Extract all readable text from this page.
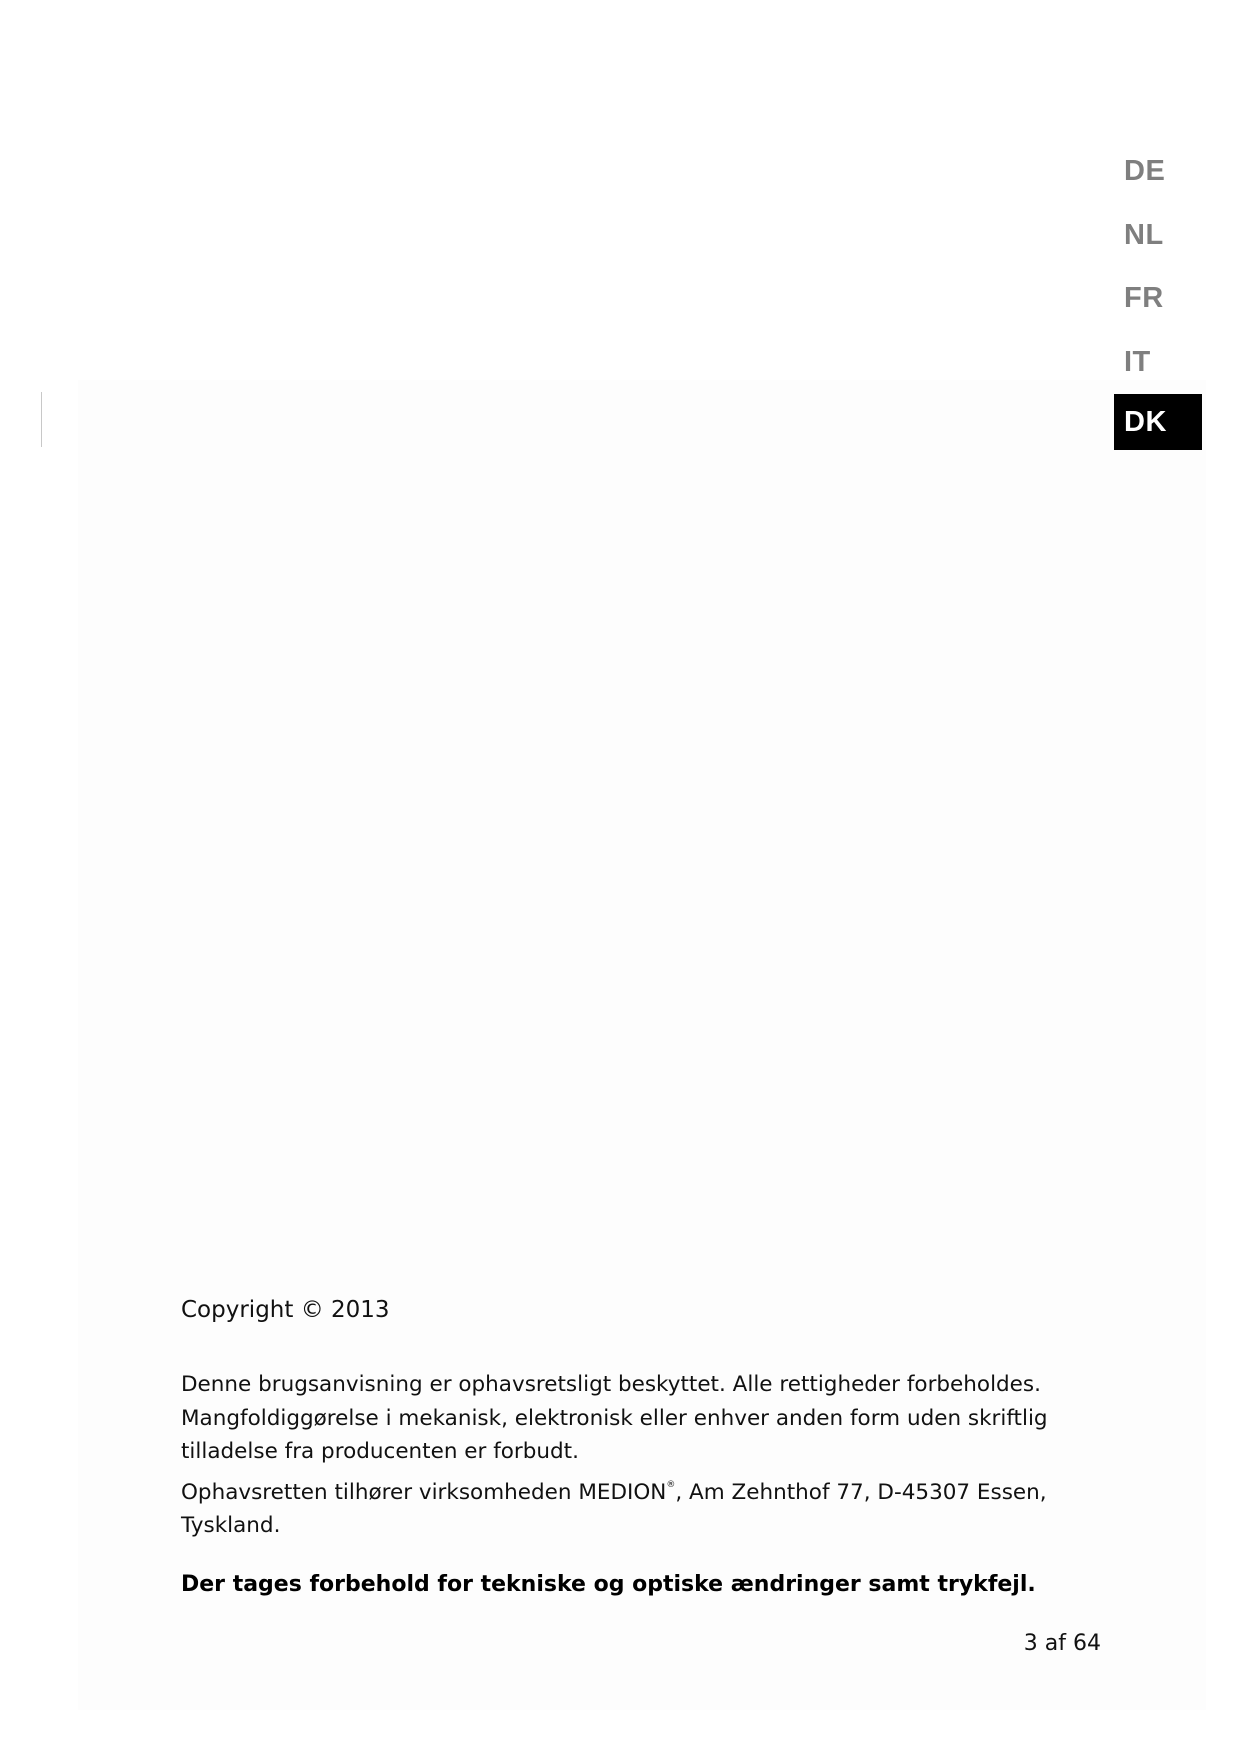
DE
NL
FR
IT
DK
Copyright © 2013

Denne brugsanvisning er ophavsretsligt beskyttet. Alle rettigheder forbeholdes. Mangfoldiggørelse i mekanisk, elektronisk eller enhver anden form uden skriftlig tilladelse fra producenten er forbudt.

Ophavsretten tilhører virksomheden MEDION®, Am Zehnthof 77, D-45307 Essen, Tyskland.

Der tages forbehold for tekniske og optiske ændringer samt trykfejl.
3 af 64
